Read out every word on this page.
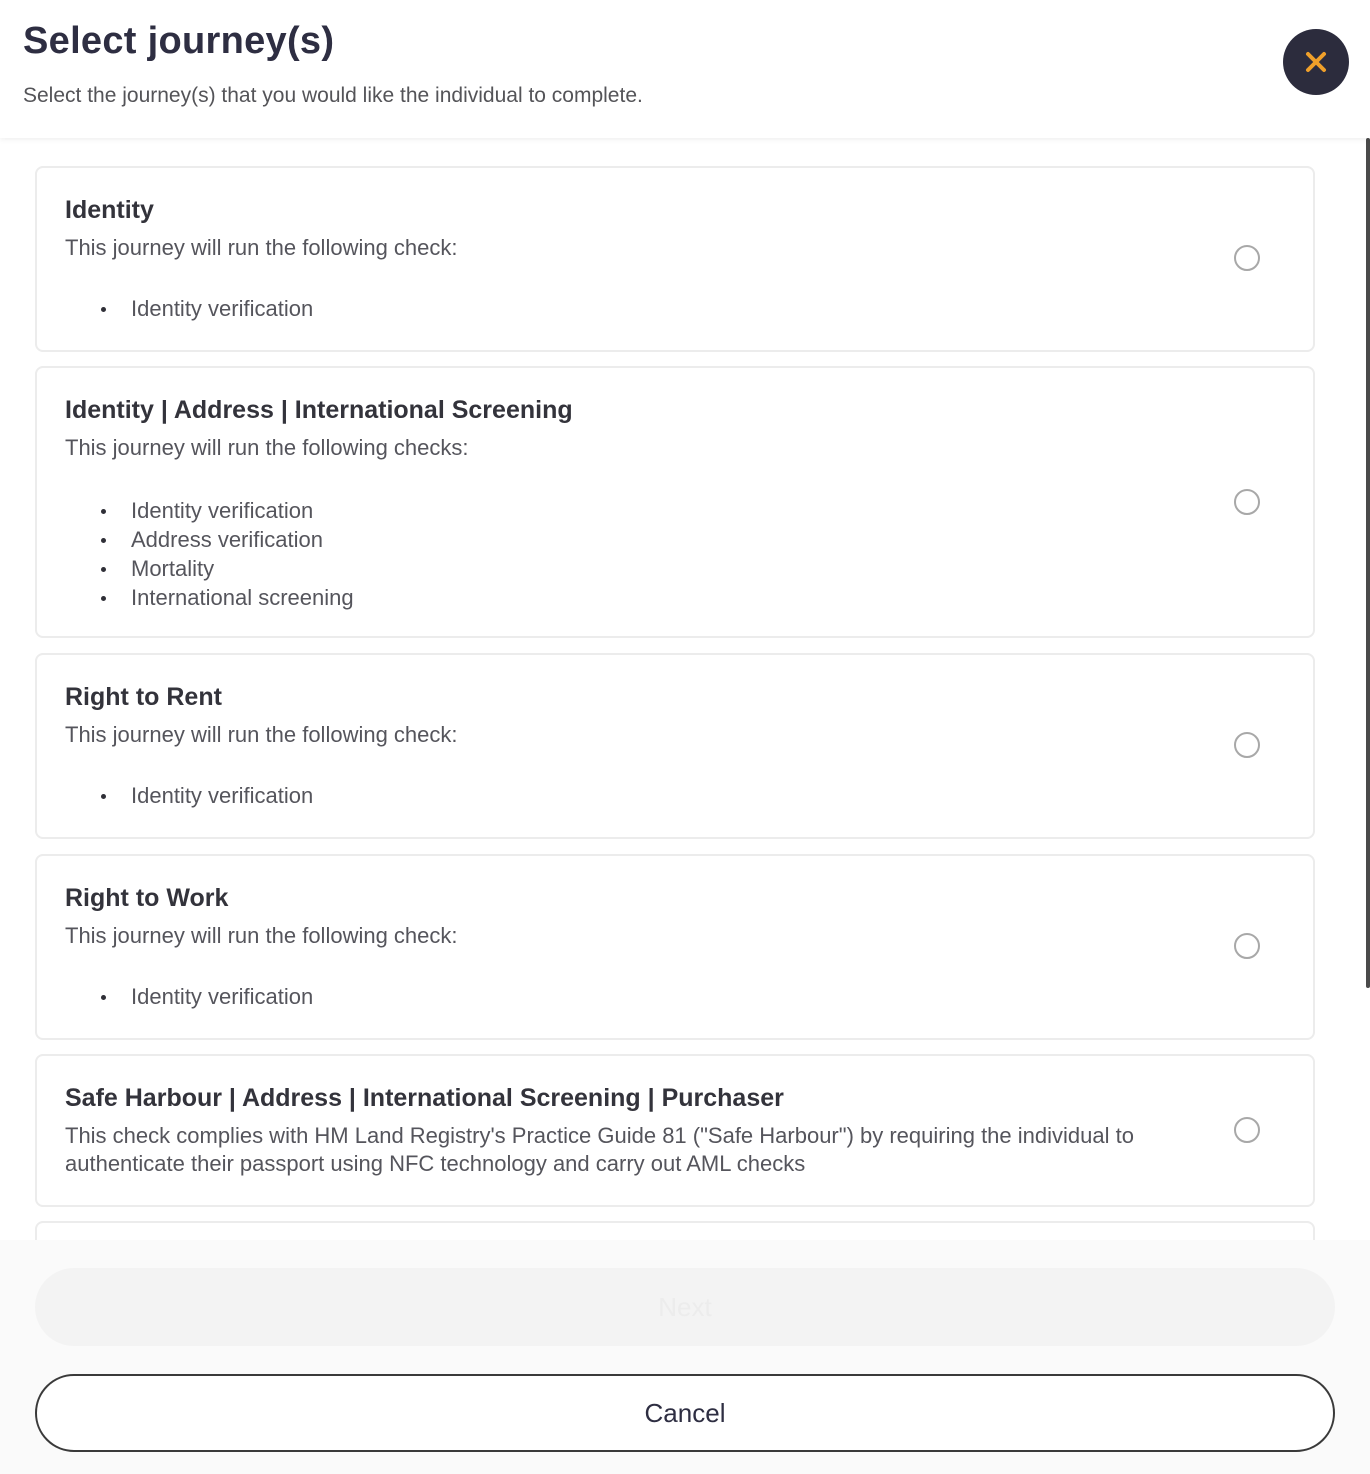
Select journey(s)

Select the journey(s) that you would like the individual to complete.

Identity
This journey will run the following check:
Identity verification
Identity | Address | International Screening
This journey will run the following checks:
Identity verification
Address verification
Mortality
International screening
Right to Rent
This journey will run the following check:
Identity verification
Right to Work
This journey will run the following check:
Identity verification
Safe Harbour | Address | International Screening | Purchaser
This check complies with HM Land Registry's Practice Guide 81 ("Safe Harbour") by requiring the individual to authenticate their passport using NFC technology and carry out AML checks
Next
Cancel
